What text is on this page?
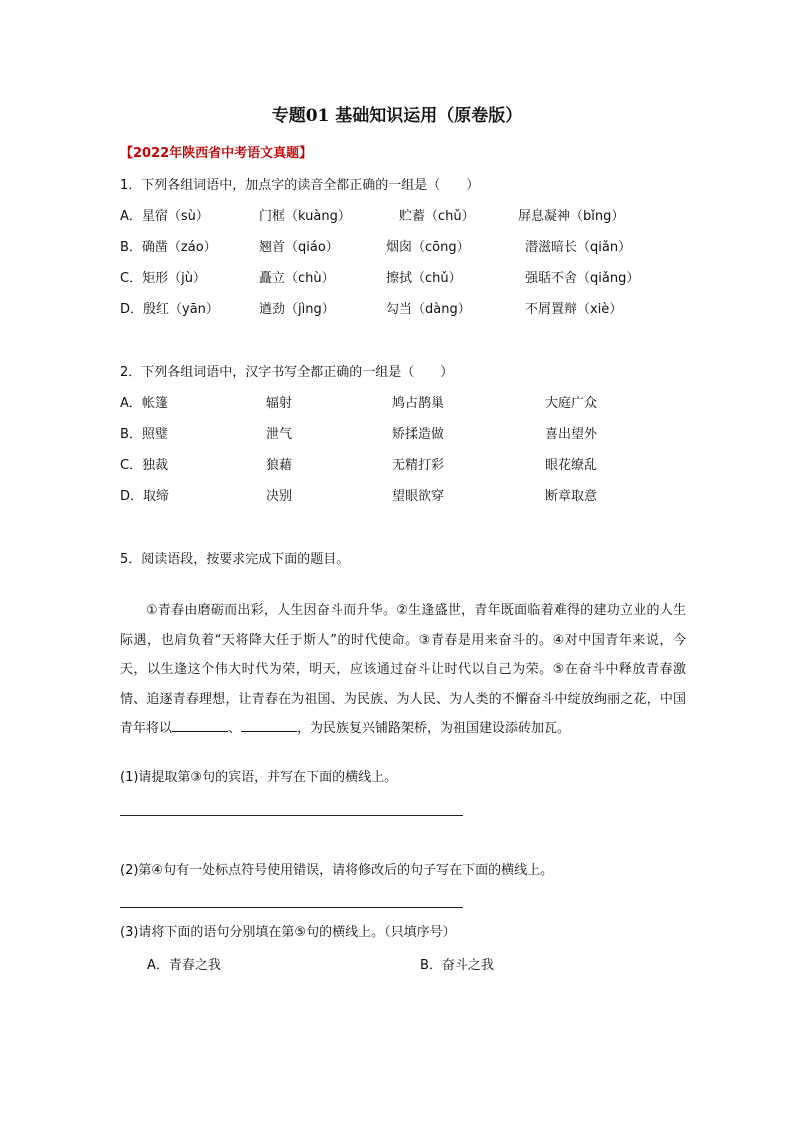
专题01 基础知识运用（原卷版）
【2022年陕西省中考语文真题】
1．下列各组词语中，加点字的读音全都正确的一组是（　　）
A．星宿（sù）	门框（kuàng）	贮蓄（chǔ）	屏息凝神（bǐng）
B．确凿（záo）	翘首（qiáo）	烟囱（cōng）	潜滋暗长（qiǎn）
C．矩形（jù）	矗立（chù）	擦拭（chǔ）	强聒不舍（qiǎng）
D．殷红（yān）	遒劲（jìng）	勾当（dàng）	不屑置辩（xiè）
2．下列各组词语中，汉字书写全都正确的一组是（　　）
A．帐篷	辐射	鸠占鹊巢	大庭广众
B．照璧	泄气	矫揉造做	喜出望外
C．独裁	狼藉	无精打彩	眼花缭乱
D．取缔	决别	望眼欲穿	断章取意
5．阅读语段，按要求完成下面的题目。
①青春由磨砺而出彩，人生因奋斗而升华。②生逢盛世，青年既面临着难得的建功立业的人生际遇，也肩负着“天将降大任于斯人”的时代使命。③青春是用来奋斗的。④对中国青年来说，今天，以生逢这个伟大时代为荣，明天，应该通过奋斗让时代以自己为荣。⑤在奋斗中释放青春激情、追逐青春理想，让青春在为祖国、为民族、为人民、为人类的不懈奋斗中绽放绚丽之花，中国青年将以	、	，为民族复兴铺路架桥，为祖国建设添砖加瓦。
(1)请提取第③句的宾语，并写在下面的横线上。
(2)第④句有一处标点符号使用错误，请将修改后的句子写在下面的横线上。
(3)请将下面的语句分别填在第⑤句的横线上。（只填序号）
A．青春之我	B．奋斗之我
